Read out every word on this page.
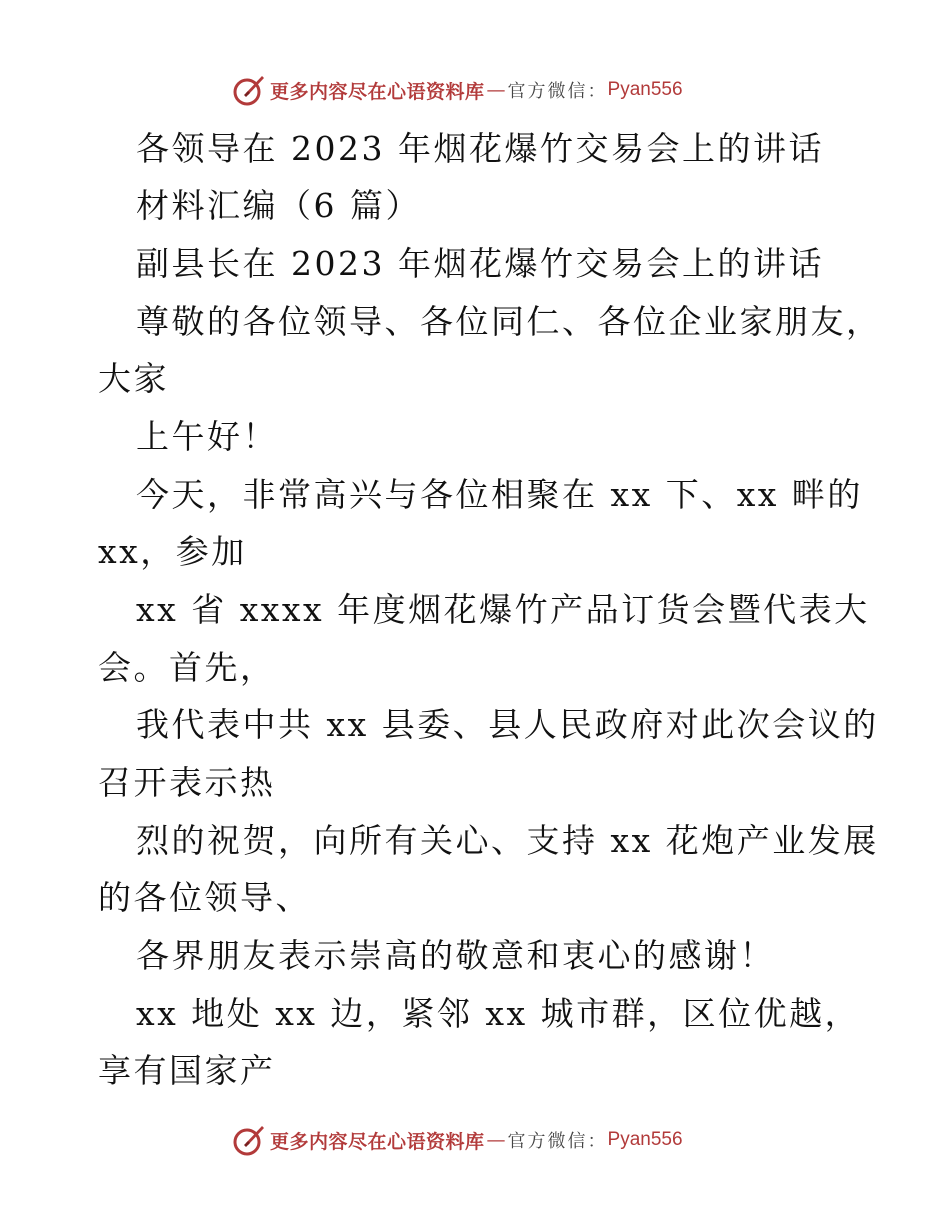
更多内容尽在心语资料库 — 官方微信： Pyan556
各领导在 2023 年烟花爆竹交易会上的讲话
材料汇编（6 篇）
副县长在 2023 年烟花爆竹交易会上的讲话
尊敬的各位领导、各位同仁、各位企业家朋友，
大家
上午好！
今天，非常高兴与各位相聚在 xx 下、xx 畔的
xx，参加
xx 省 xxxx 年度烟花爆竹产品订货会暨代表大
会。首先，
我代表中共 xx 县委、县人民政府对此次会议的
召开表示热
烈的祝贺，向所有关心、支持 xx 花炮产业发展
的各位领导、
各界朋友表示崇高的敬意和衷心的感谢！
xx 地处 xx 边，紧邻 xx 城市群，区位优越，
享有国家产
更多内容尽在心语资料库 — 官方微信： Pyan556
